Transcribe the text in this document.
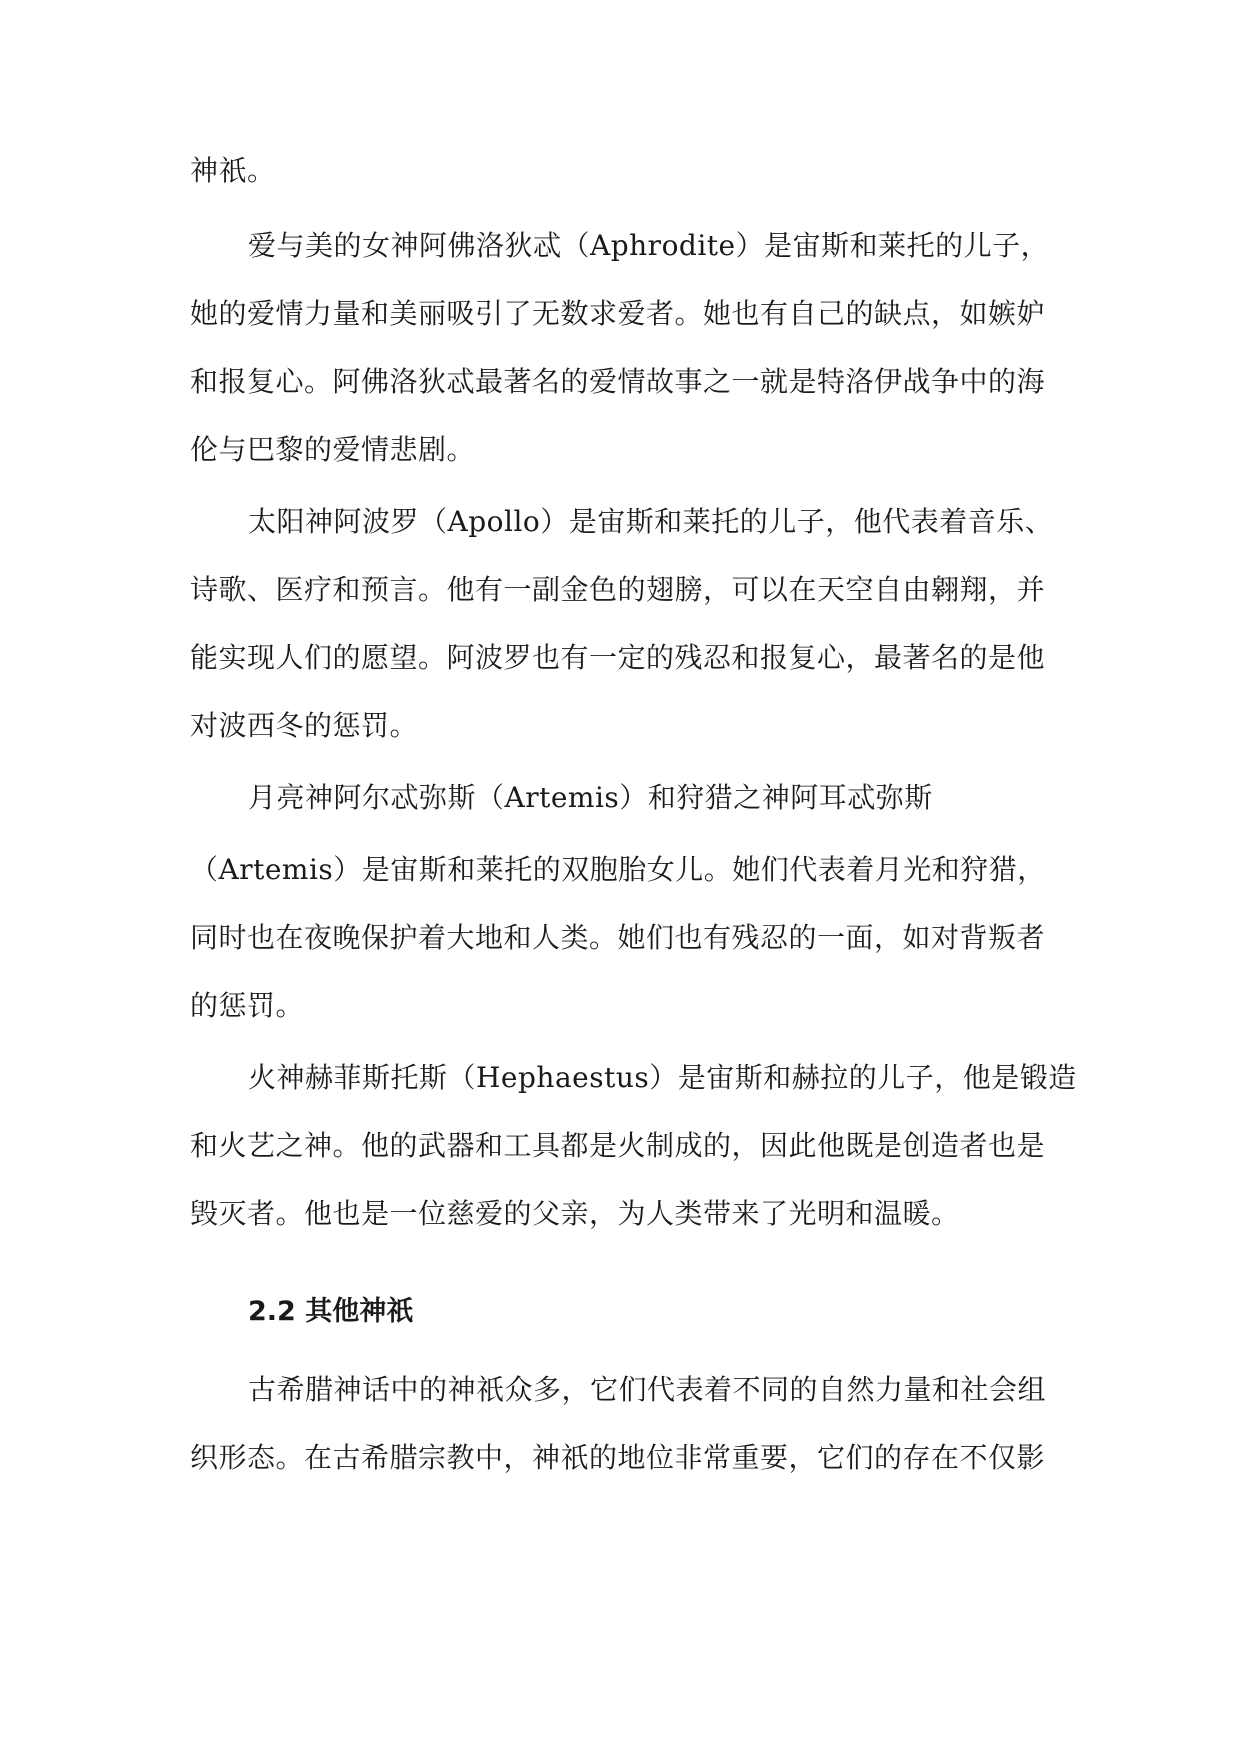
神祇。
爱与美的女神阿佛洛狄忒（Aphrodite）是宙斯和莱托的儿子，
她的爱情力量和美丽吸引了无数求爱者。她也有自己的缺点，如嫉妒
和报复心。阿佛洛狄忒最著名的爱情故事之一就是特洛伊战争中的海
伦与巴黎的爱情悲剧。
太阳神阿波罗（Apollo）是宙斯和莱托的儿子，他代表着音乐、
诗歌、医疗和预言。他有一副金色的翅膀，可以在天空自由翱翔，并
能实现人们的愿望。阿波罗也有一定的残忍和报复心，最著名的是他
对波西冬的惩罚。
月亮神阿尔忒弥斯（Artemis）和狩猎之神阿耳忒弥斯
（Artemis）是宙斯和莱托的双胞胎女儿。她们代表着月光和狩猎，
同时也在夜晚保护着大地和人类。她们也有残忍的一面，如对背叛者
的惩罚。
火神赫菲斯托斯（Hephaestus）是宙斯和赫拉的儿子，他是锻造
和火艺之神。他的武器和工具都是火制成的，因此他既是创造者也是
毁灭者。他也是一位慈爱的父亲，为人类带来了光明和温暖。
2.2 其他神祇
古希腊神话中的神祇众多，它们代表着不同的自然力量和社会组
织形态。在古希腊宗教中，神祇的地位非常重要，它们的存在不仅影
